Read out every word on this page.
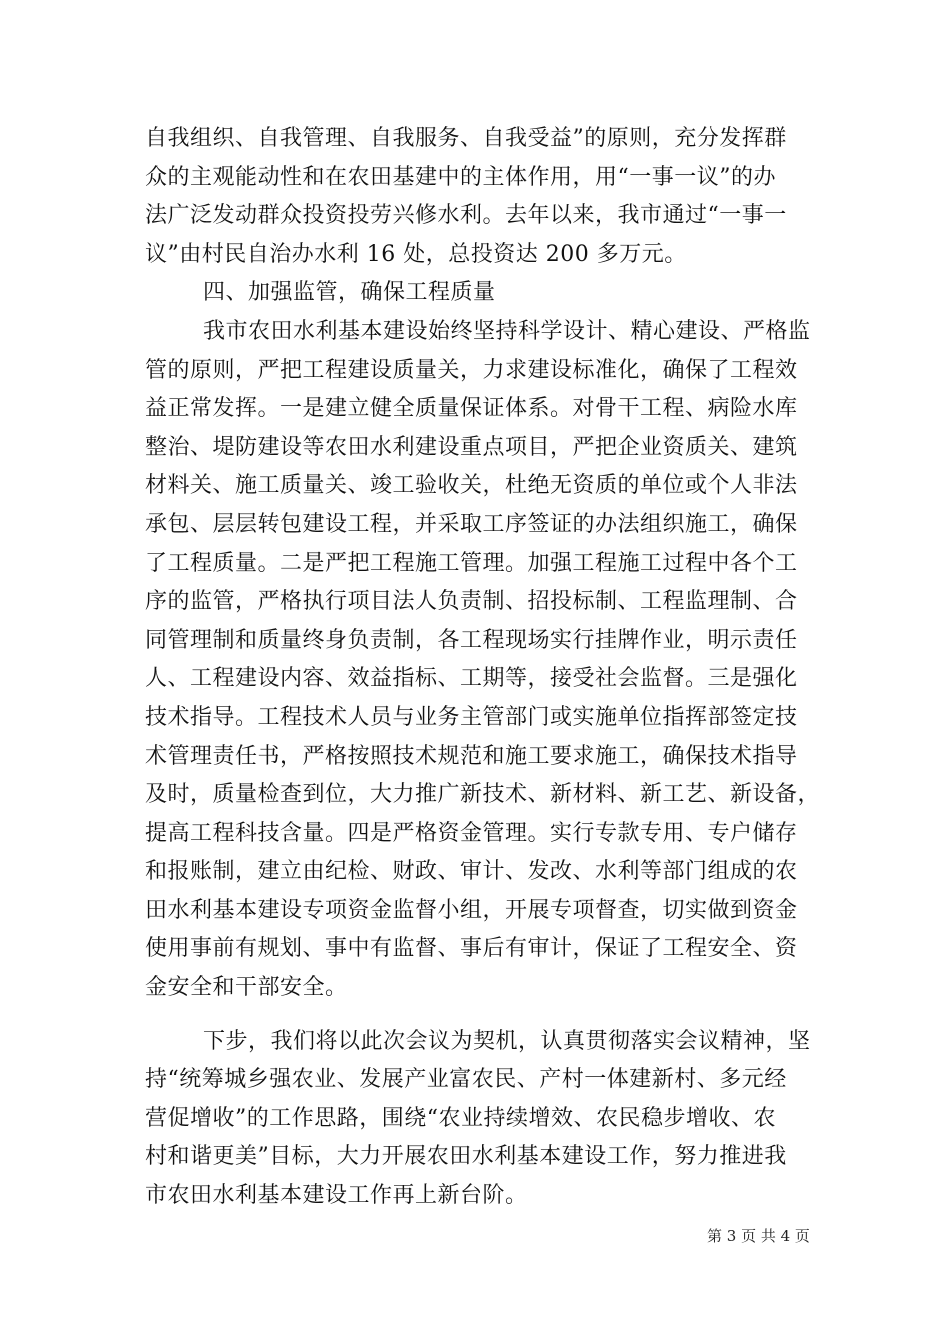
自我组织、自我管理、自我服务、自我受益”的原则，充分发挥群
众的主观能动性和在农田基建中的主体作用，用“一事一议”的办
法广泛发动群众投资投劳兴修水利。去年以来，我市通过“一事一
议”由村民自治办水利 16 处，总投资达 200 多万元。
四、加强监管，确保工程质量
我市农田水利基本建设始终坚持科学设计、精心建设、严格监
管的原则，严把工程建设质量关，力求建设标准化，确保了工程效
益正常发挥。一是建立健全质量保证体系。对骨干工程、病险水库
整治、堤防建设等农田水利建设重点项目，严把企业资质关、建筑
材料关、施工质量关、竣工验收关，杜绝无资质的单位或个人非法
承包、层层转包建设工程，并采取工序签证的办法组织施工，确保
了工程质量。二是严把工程施工管理。加强工程施工过程中各个工
序的监管，严格执行项目法人负责制、招投标制、工程监理制、合
同管理制和质量终身负责制，各工程现场实行挂牌作业，明示责任
人、工程建设内容、效益指标、工期等，接受社会监督。三是强化
技术指导。工程技术人员与业务主管部门或实施单位指挥部签定技
术管理责任书，严格按照技术规范和施工要求施工，确保技术指导
及时，质量检查到位，大力推广新技术、新材料、新工艺、新设备，
提高工程科技含量。四是严格资金管理。实行专款专用、专户储存
和报账制，建立由纪检、财政、审计、发改、水利等部门组成的农
田水利基本建设专项资金监督小组，开展专项督查，切实做到资金
使用事前有规划、事中有监督、事后有审计，保证了工程安全、资
金安全和干部安全。
下步，我们将以此次会议为契机，认真贯彻落实会议精神，坚
持“统筹城乡强农业、发展产业富农民、产村一体建新村、多元经
营促增收”的工作思路，围绕“农业持续增效、农民稳步增收、农
村和谐更美”目标，大力开展农田水利基本建设工作，努力推进我
市农田水利基本建设工作再上新台阶。
第 3 页 共 4 页
